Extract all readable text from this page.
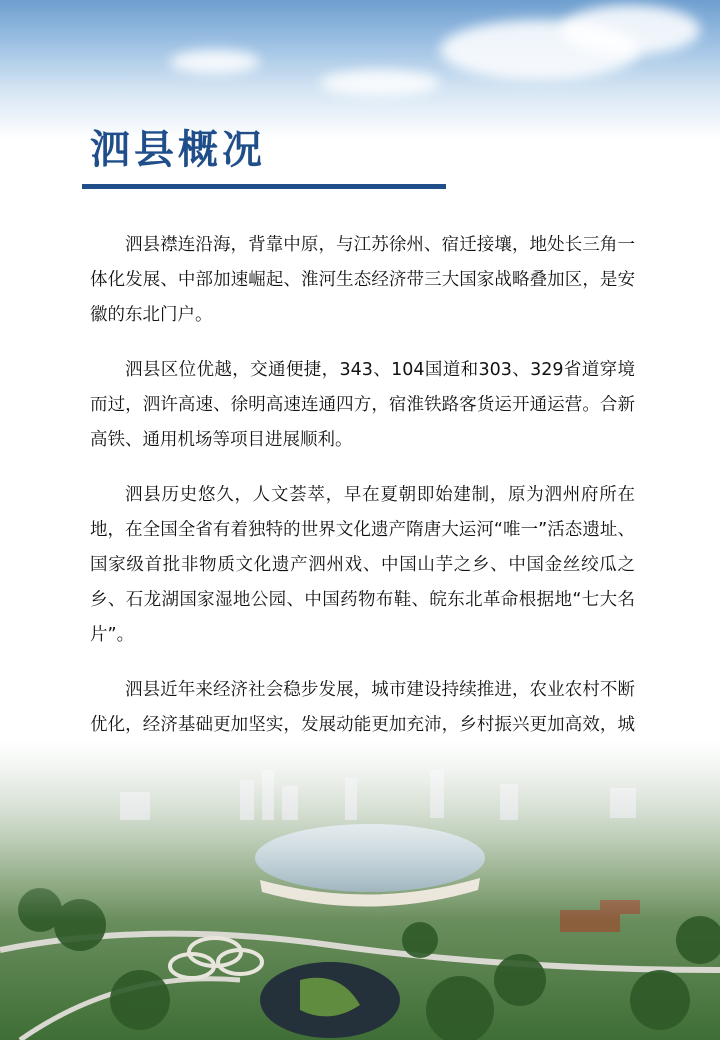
泗县概况

泗县襟连沿海，背靠中原，与江苏徐州、宿迁接壤，地处长三角一体化发展、中部加速崛起、淮河生态经济带三大国家战略叠加区，是安徽的东北门户。

泗县区位优越，交通便捷，343、104国道和303、329省道穿境而过，泗许高速、徐明高速连通四方，宿淮铁路客货运开通运营。合新高铁、通用机场等项目进展顺利。

泗县历史悠久，人文荟萃，早在夏朝即始建制，原为泗州府所在地，在全国全省有着独特的世界文化遗产隋唐大运河“唯一”活态遗址、国家级首批非物质文化遗产泗州戏、中国山芋之乡、中国金丝绞瓜之乡、石龙湖国家湿地公园、中国药物布鞋、皖东北革命根据地“七大名片”。

泗县近年来经济社会稳步发展，城市建设持续推进，农业农村不断优化，经济基础更加坚实，发展动能更加充沛，乡村振兴更加高效，城
